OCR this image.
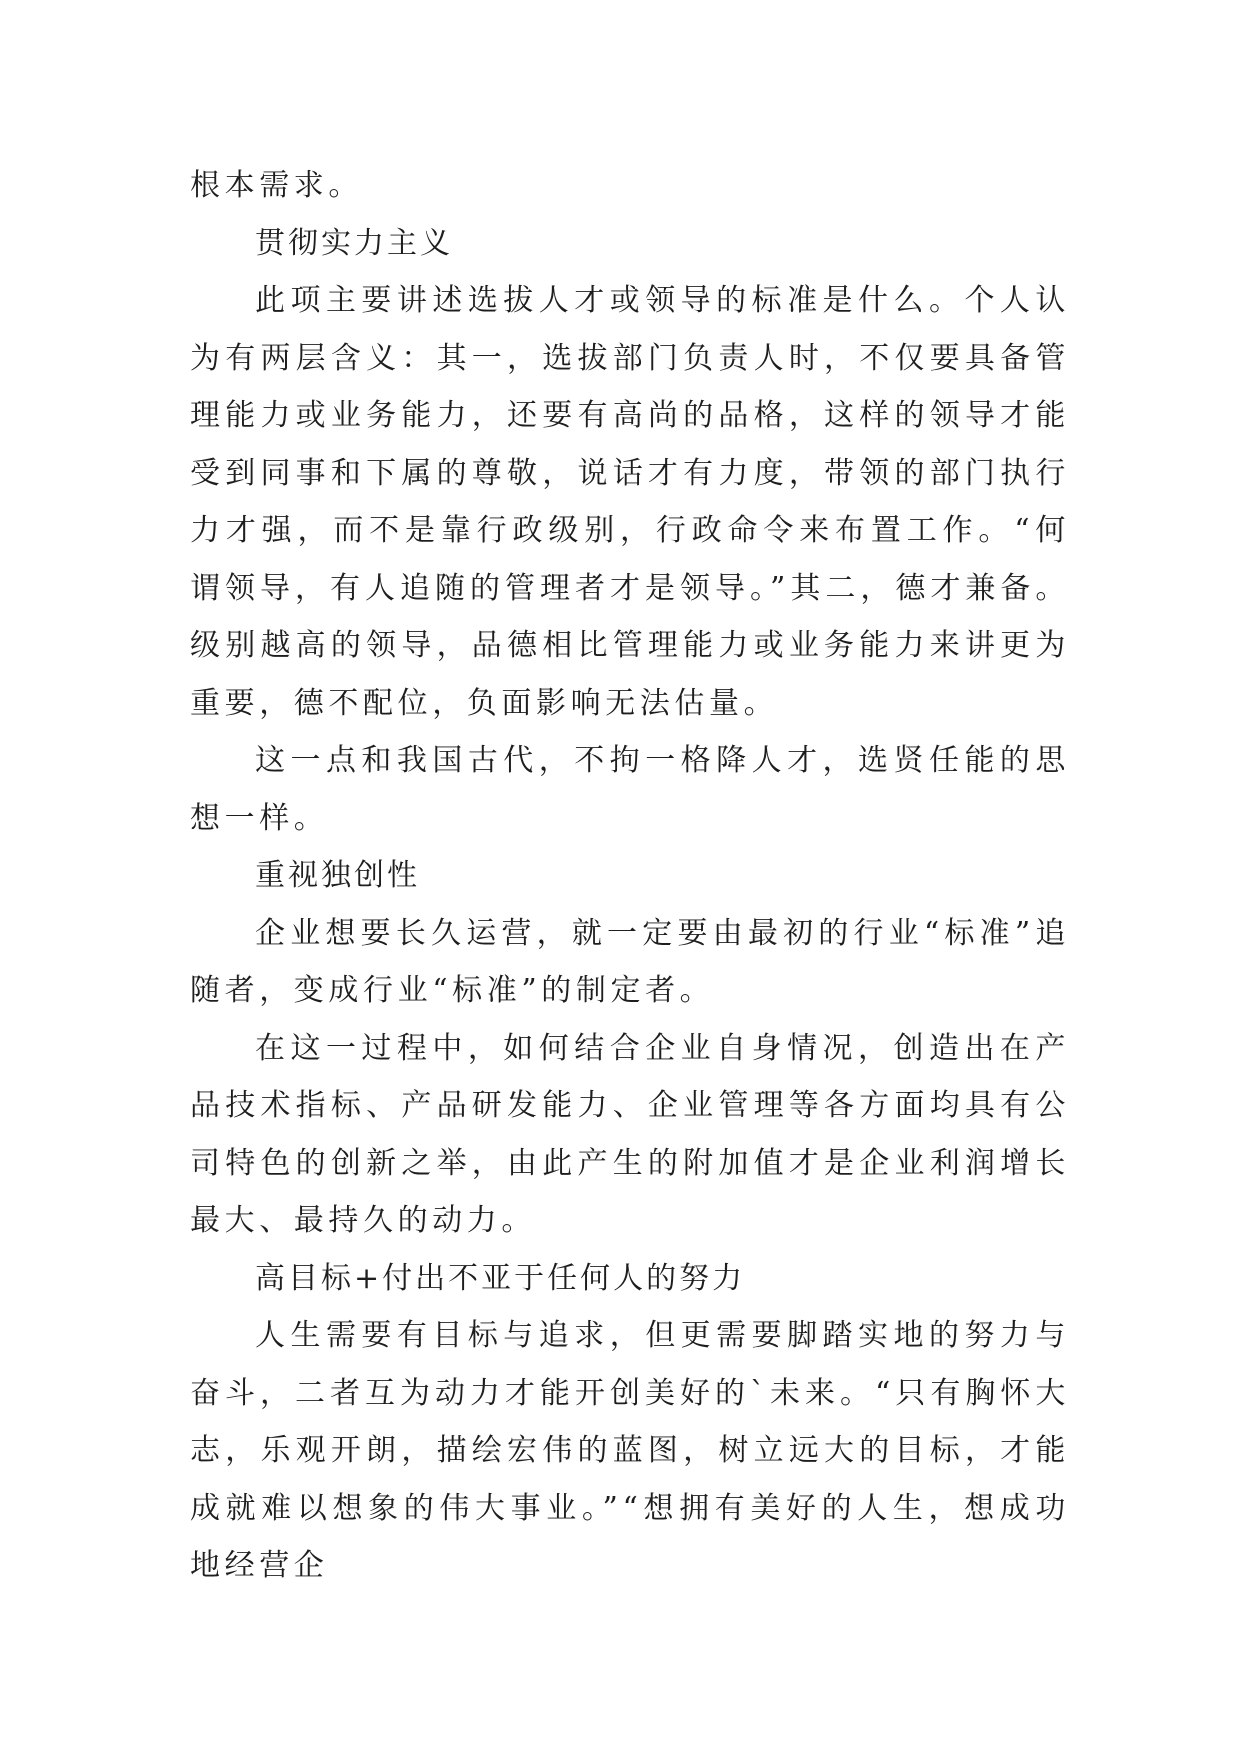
根本需求。

贯彻实力主义

此项主要讲述选拔人才或领导的标准是什么。个人认为有两层含义：其一，选拔部门负责人时，不仅要具备管理能力或业务能力，还要有高尚的品格，这样的领导才能受到同事和下属的尊敬，说话才有力度，带领的部门执行力才强，而不是靠行政级别，行政命令来布置工作。“何谓领导，有人追随的管理者才是领导。”其二，德才兼备。级别越高的领导，品德相比管理能力或业务能力来讲更为重要，德不配位，负面影响无法估量。

这一点和我国古代，不拘一格降人才，选贤任能的思想一样。

重视独创性

企业想要长久运营，就一定要由最初的行业“标准”追随者，变成行业“标准”的制定者。

在这一过程中，如何结合企业自身情况，创造出在产品技术指标、产品研发能力、企业管理等各方面均具有公司特色的创新之举，由此产生的附加值才是企业利润增长最大、最持久的动力。

高目标+付出不亚于任何人的努力

人生需要有目标与追求，但更需要脚踏实地的努力与奋斗，二者互为动力才能开创美好的`未来。“只有胸怀大志，乐观开朗，描绘宏伟的蓝图，树立远大的目标，才能成就难以想象的伟大事业。”“想拥有美好的人生，想成功地经营企
